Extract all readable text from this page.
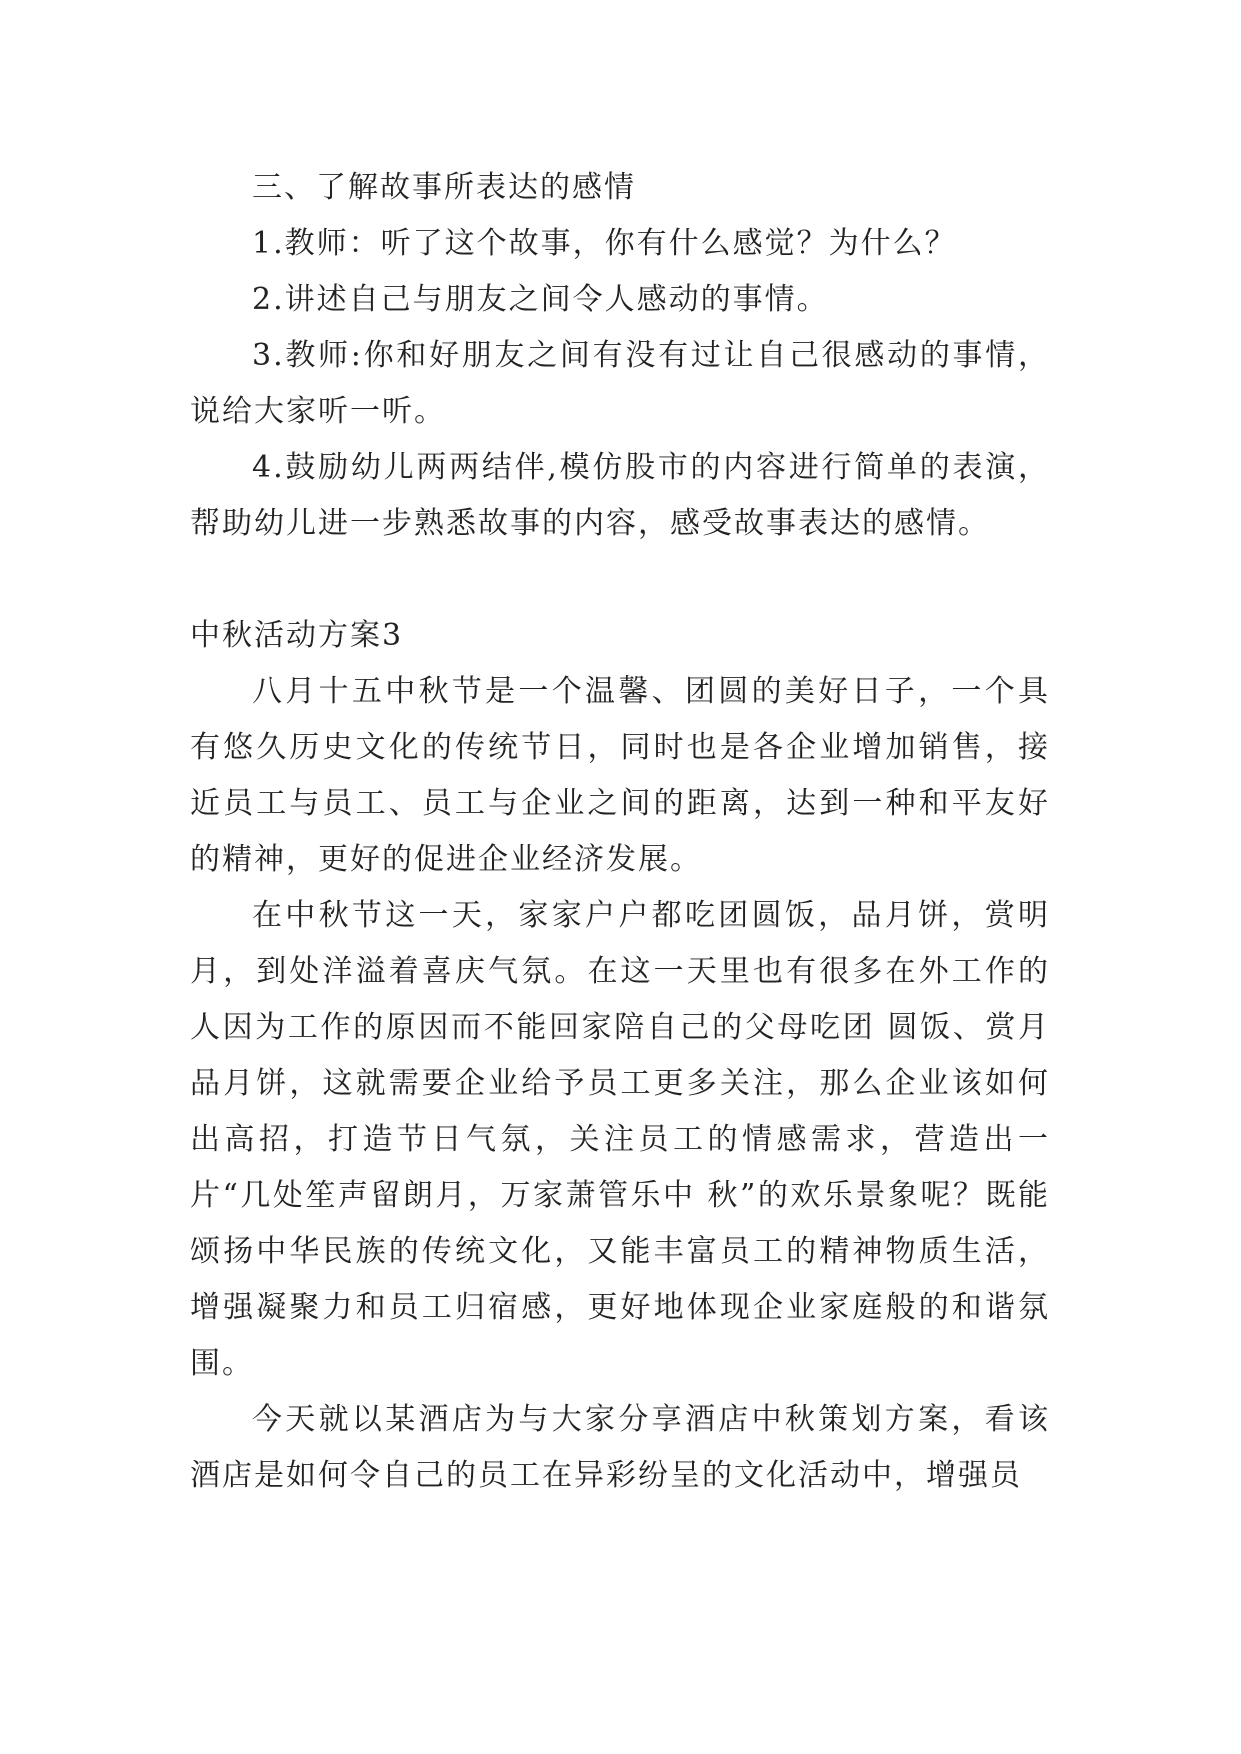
三、了解故事所表达的感情

1.教师：听了这个故事，你有什么感觉？为什么？

2.讲述自己与朋友之间令人感动的事情。

3.教师:你和好朋友之间有没有过让自己很感动的事情，说给大家听一听。

4.鼓励幼儿两两结伴,模仿股市的内容进行简单的表演，帮助幼儿进一步熟悉故事的内容，感受故事表达的感情。

中秋活动方案3

八月十五中秋节是一个温馨、团圆的美好日子，一个具有悠久历史文化的传统节日，同时也是各企业增加销售，接近员工与员工、员工与企业之间的距离，达到一种和平友好的精神，更好的促进企业经济发展。

在中秋节这一天，家家户户都吃团圆饭，品月饼，赏明月，到处洋溢着喜庆气氛。在这一天里也有很多在外工作的人因为工作的原因而不能回家陪自己的父母吃团 圆饭、赏月品月饼，这就需要企业给予员工更多关注，那么企业该如何出高招，打造节日气氛，关注员工的情感需求，营造出一片“几处笙声留朗月，万家萧管乐中 秋”的欢乐景象呢？既能颂扬中华民族的传统文化，又能丰富员工的精神物质生活，增强凝聚力和员工归宿感，更好地体现企业家庭般的和谐氛围。

今天就以某酒店为与大家分享酒店中秋策划方案，看该酒店是如何令自己的员工在异彩纷呈的文化活动中，增强员
